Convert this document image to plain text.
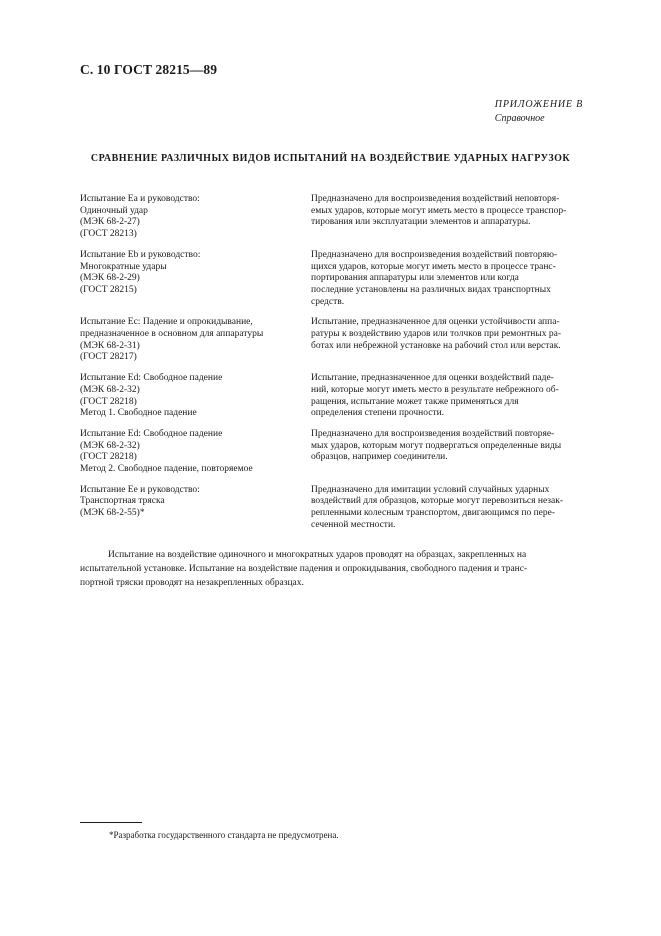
С. 10 ГОСТ 28215—89
ПРИЛОЖЕНИЕ В
Справочное
СРАВНЕНИЕ РАЗЛИЧНЫХ ВИДОВ ИСПЫТАНИЙ НА ВОЗДЕЙСТВИЕ УДАРНЫХ НАГРУЗОК
Испытание Еа и руководство:
Одиночный удар
(МЭК 68-2-27)
(ГОСТ 28213)
Предназначено для воспроизведения воздействий неповторя-
емых ударов, которые могут иметь место в процессе транспор-
тирования или эксплуатации элементов и аппаратуры.
Испытание Eb и руководство:
Многократные удары
(МЭК 68-2-29)
(ГОСТ 28215)
Предназначено для воспроизведения воздействий повторяю-
щихся ударов, которые могут иметь место в процессе транс-
портирования аппаратуры или элементов или когда
последние установлены на различных видах транспортных
средств.
Испытание Ес: Падение и опрокидывание,
предназначенное в основном для аппаратуры
(МЭК 68-2-31)
(ГОСТ 28217)
Испытание, предназначенное для оценки устойчивости аппа-
ратуры к воздействию ударов или толчков при ремонтных ра-
ботах или небрежной установке на рабочий стол или верстак.
Испытание Ed: Свободное падение
(МЭК 68-2-32)
(ГОСТ 28218)
Метод 1. Свободное падение
Испытание, предназначенное для оценки воздействий паде-
ний, которые могут иметь место в результате небрежного об-
ращения, испытание может также применяться для
определения степени прочности.
Испытание Ed: Свободное падение
(МЭК 68-2-32)
(ГОСТ 28218)
Метод 2. Свободное падение, повторяемое
Предназначено для воспроизведения воздействий повторяе-
мых ударов, которым могут подвергаться определенные виды
образцов, например соединители.
Испытание Ее и руководство:
Транспортная тряска
(МЭК 68-2-55)*
Предназначено для имитации условий случайных ударных
воздействий для образцов, которые могут перевозиться незак-
репленными колесным транспортом, двигающимся по пере-
сеченной местности.
Испытание на воздействие одиночного и многократных ударов проводят на образцах, закрепленных на
испытательной установке. Испытание на воздействие падения и опрокидывания, свободного падения и транс-
портной тряски проводят на незакрепленных образцах.
*Разработка государственного стандарта не предусмотрена.
